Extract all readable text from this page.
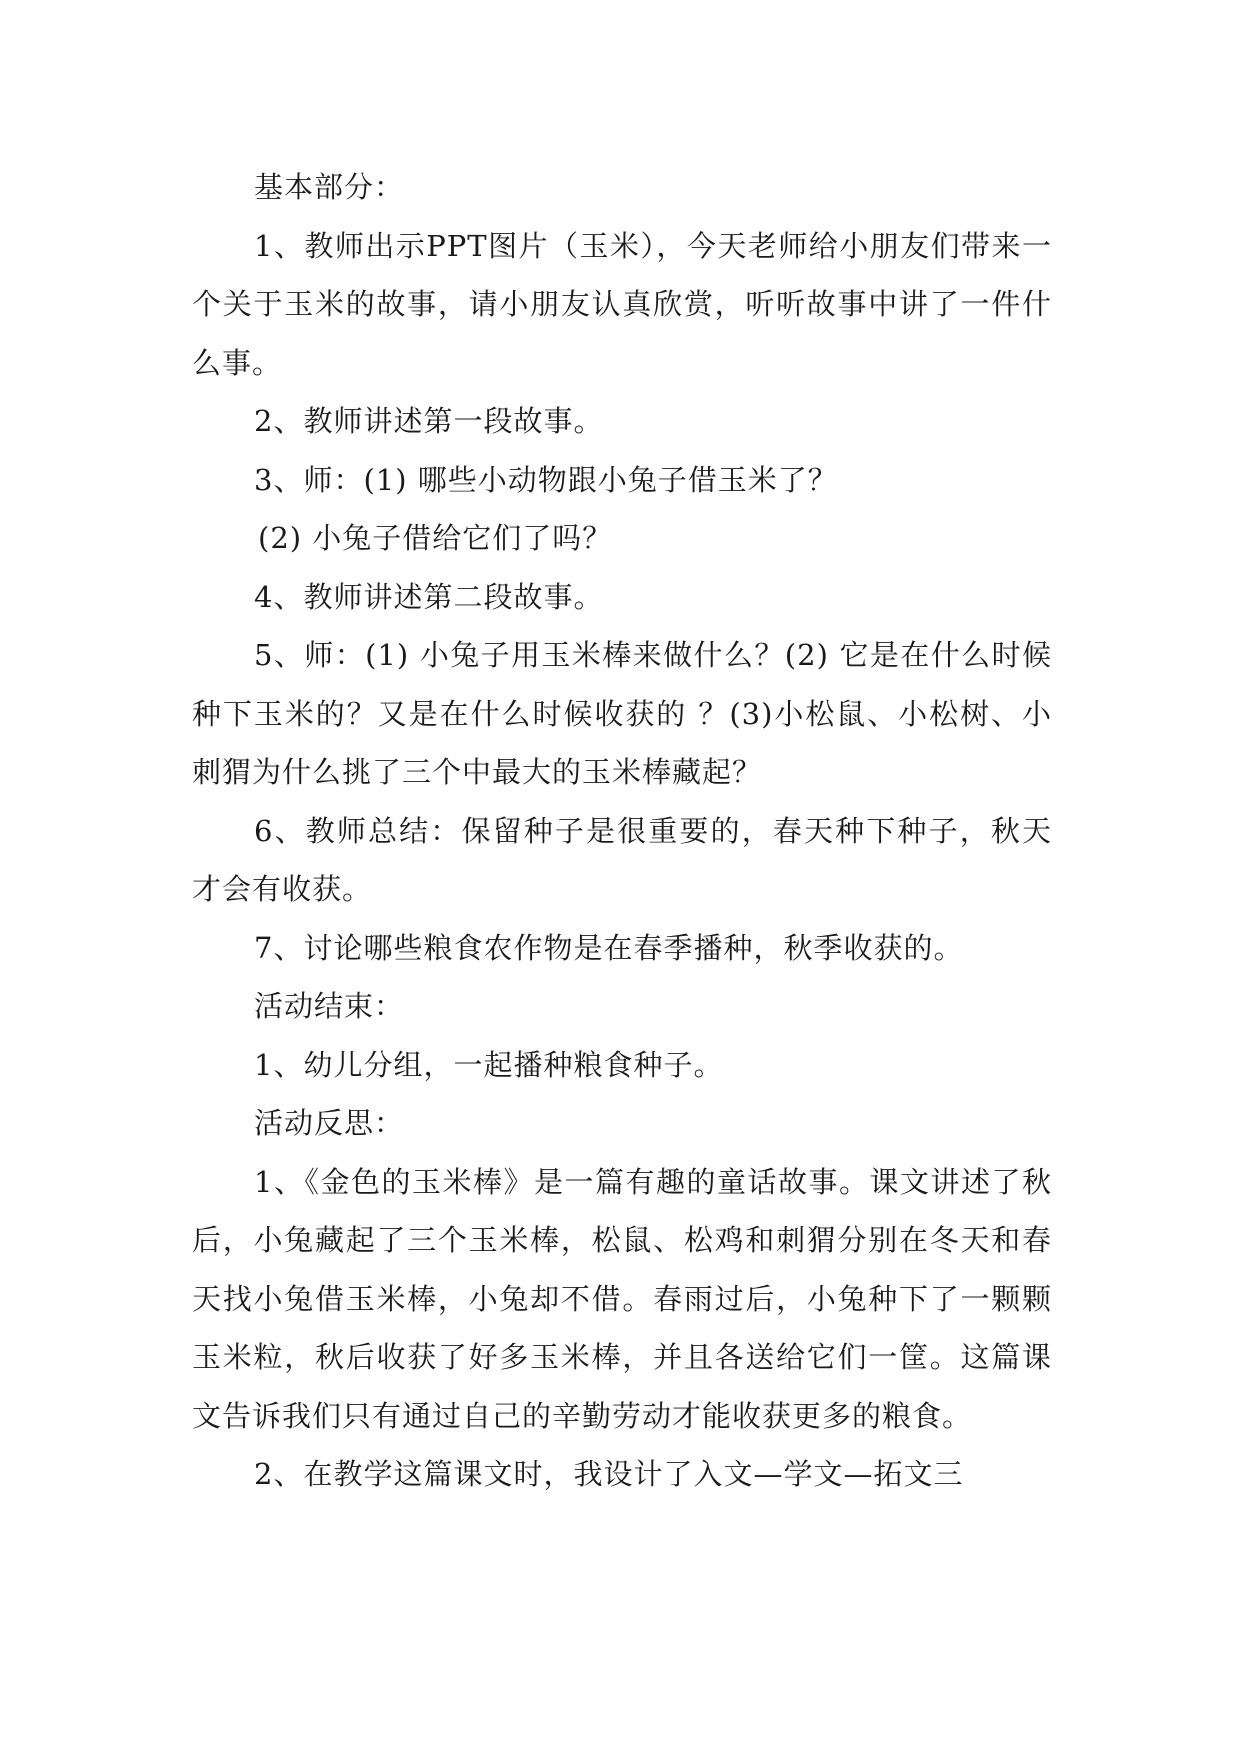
基本部分：

1、教师出示PPT图片（玉米），今天老师给小朋友们带来一个关于玉米的故事，请小朋友认真欣赏，听听故事中讲了一件什么事。

2、教师讲述第一段故事。

3、师：(1) 哪些小动物跟小兔子借玉米了？

(2) 小兔子借给它们了吗？

4、教师讲述第二段故事。

5、师：(1) 小兔子用玉米棒来做什么？(2) 它是在什么时候种下玉米的？又是在什么时候收获的 ？(3)小松鼠、小松树、小刺猬为什么挑了三个中最大的玉米棒藏起？

6、教师总结：保留种子是很重要的，春天种下种子，秋天才会有收获。

7、讨论哪些粮食农作物是在春季播种，秋季收获的。

活动结束：

1、幼儿分组，一起播种粮食种子。

活动反思：

1、《金色的玉米棒》是一篇有趣的童话故事。课文讲述了秋后，小兔藏起了三个玉米棒，松鼠、松鸡和刺猬分别在冬天和春天找小兔借玉米棒，小兔却不借。春雨过后，小兔种下了一颗颗玉米粒，秋后收获了好多玉米棒，并且各送给它们一筐。这篇课文告诉我们只有通过自己的辛勤劳动才能收获更多的粮食。

2、在教学这篇课文时，我设计了入文—学文—拓文三
